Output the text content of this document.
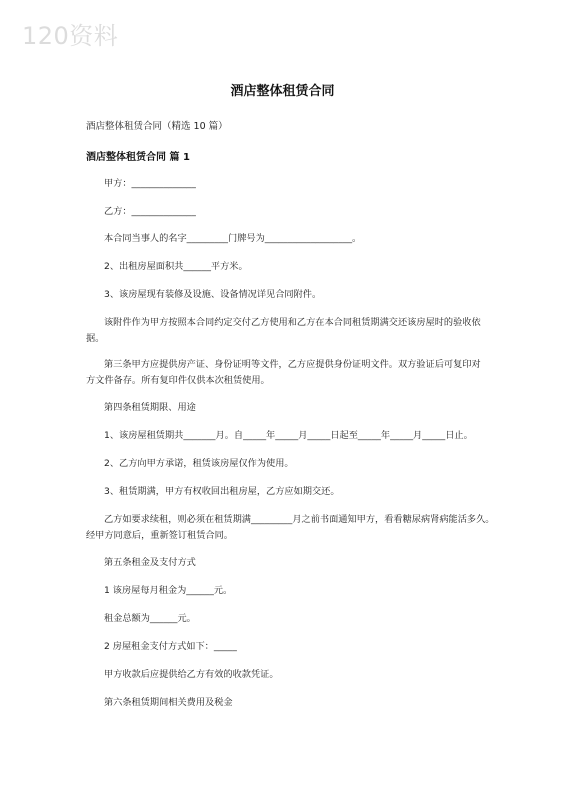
120资料
酒店整体租赁合同
酒店整体租赁合同（精选 10 篇）
酒店整体租赁合同 篇 1
甲方：______________
乙方：______________
本合同当事人的名字_________门牌号为___________________。
2、出租房屋面积共______平方米。
3、该房屋现有装修及设施、设备情况详见合同附件。
该附件作为甲方按照本合同约定交付乙方使用和乙方在本合同租赁期满交还该房屋时的验收依
据。
第三条甲方应提供房产证、身份证明等文件，乙方应提供身份证明文件。双方验证后可复印对
方文件备存。所有复印件仅供本次租赁使用。
第四条租赁期限、用途
1、该房屋租赁期共_______月。自_____年_____月_____日起至_____年_____月_____日止。
2、乙方向甲方承诺，租赁该房屋仅作为使用。
3、租赁期满，甲方有权收回出租房屋，乙方应如期交还。
乙方如要求续租，则必须在租赁期满_________月之前书面通知甲方，看看糖尿病肾病能活多久。
经甲方同意后，重新签订租赁合同。
第五条租金及支付方式
1 该房屋每月租金为______元。
租金总额为______元。
2 房屋租金支付方式如下：_____
甲方收款后应提供给乙方有效的收款凭证。
第六条租赁期间相关费用及税金
